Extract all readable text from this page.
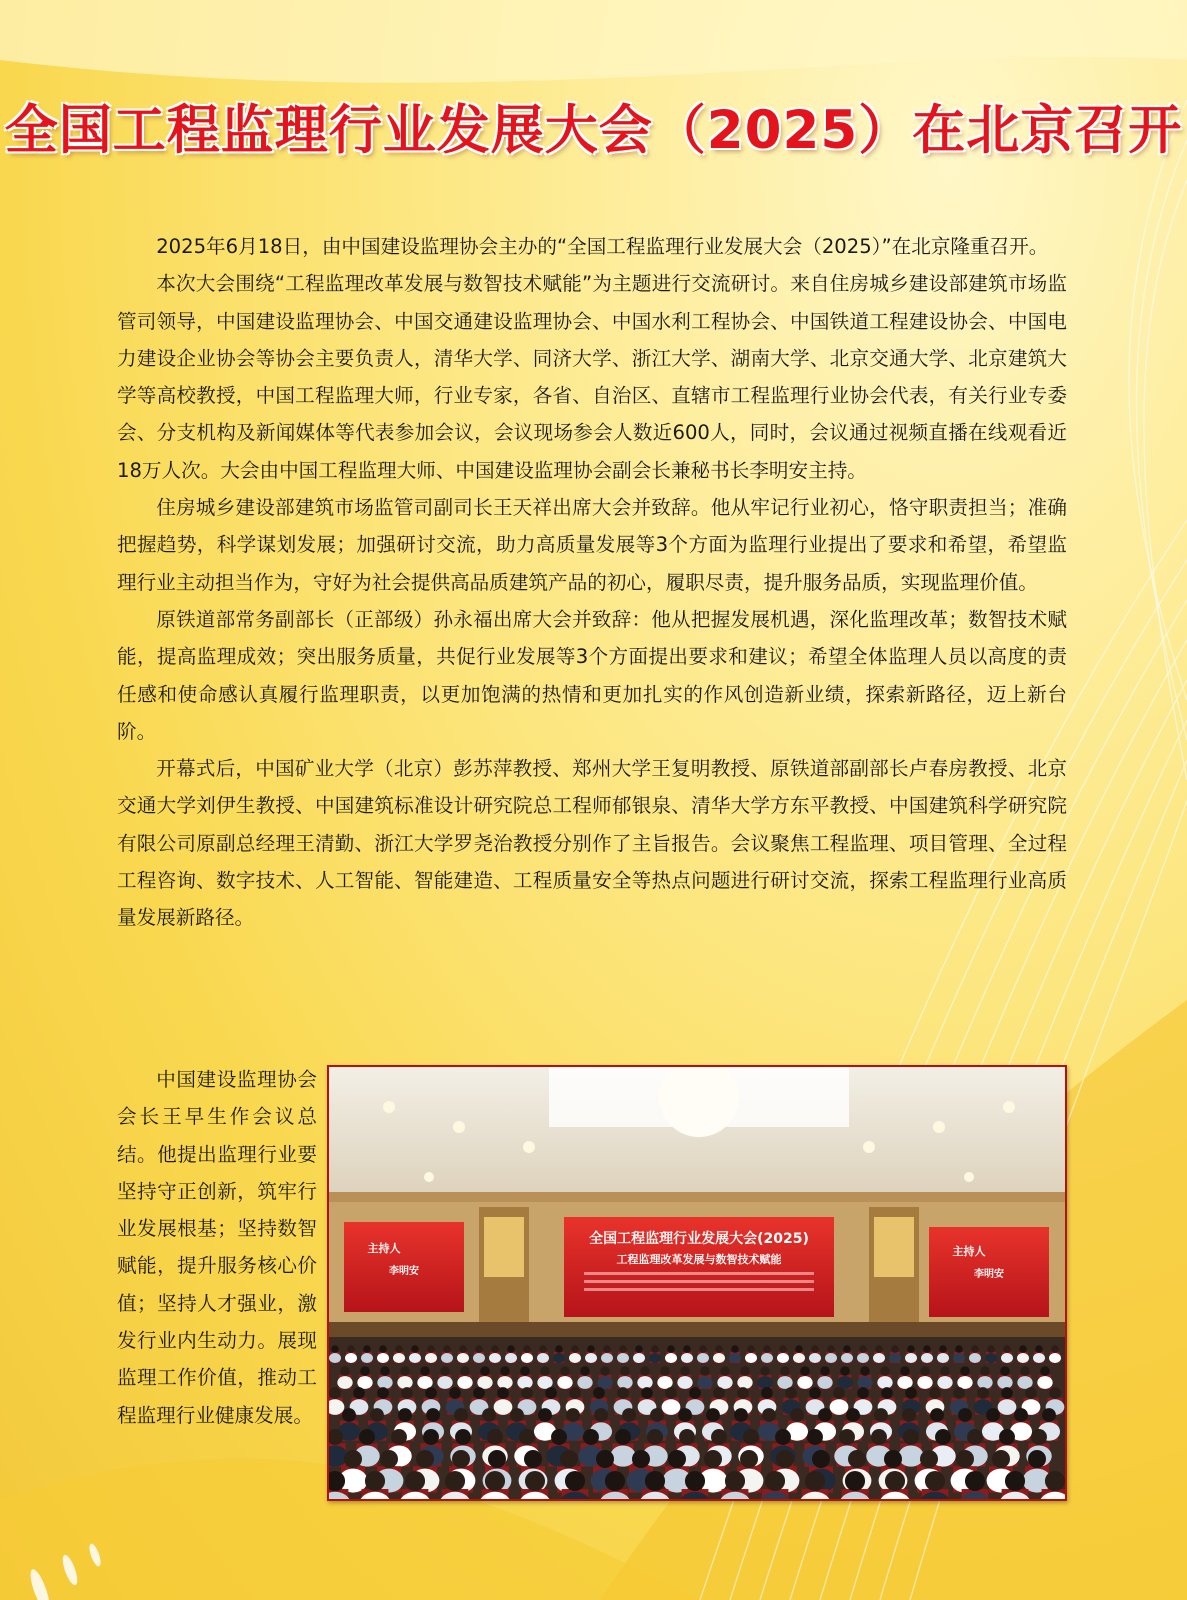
全国工程监理行业发展大会（2025）在北京召开

2025年6月18日，由中国建设监理协会主办的“全国工程监理行业发展大会（2025）”在北京隆重召开。

本次大会围绕“工程监理改革发展与数智技术赋能”为主题进行交流研讨。来自住房城乡建设部建筑市场监管司领导，中国建设监理协会、中国交通建设监理协会、中国水利工程协会、中国铁道工程建设协会、中国电力建设企业协会等协会主要负责人，清华大学、同济大学、浙江大学、湖南大学、北京交通大学、北京建筑大学等高校教授，中国工程监理大师，行业专家，各省、自治区、直辖市工程监理行业协会代表，有关行业专委会、分支机构及新闻媒体等代表参加会议，会议现场参会人数近600人，同时，会议通过视频直播在线观看近18万人次。大会由中国工程监理大师、中国建设监理协会副会长兼秘书长李明安主持。

住房城乡建设部建筑市场监管司副司长王天祥出席大会并致辞。他从牢记行业初心，恪守职责担当；准确把握趋势，科学谋划发展；加强研讨交流，助力高质量发展等3个方面为监理行业提出了要求和希望，希望监理行业主动担当作为，守好为社会提供高品质建筑产品的初心，履职尽责，提升服务品质，实现监理价值。

原铁道部常务副部长（正部级）孙永福出席大会并致辞：他从把握发展机遇，深化监理改革；数智技术赋能，提高监理成效；突出服务质量，共促行业发展等3个方面提出要求和建议；希望全体监理人员以高度的责任感和使命感认真履行监理职责，以更加饱满的热情和更加扎实的作风创造新业绩，探索新路径，迈上新台阶。

开幕式后，中国矿业大学（北京）彭苏萍教授、郑州大学王复明教授、原铁道部副部长卢春房教授、北京交通大学刘伊生教授、中国建筑标准设计研究院总工程师郁银泉、清华大学方东平教授、中国建筑科学研究院有限公司原副总经理王清勤、浙江大学罗尧治教授分别作了主旨报告。会议聚焦工程监理、项目管理、全过程工程咨询、数字技术、人工智能、智能建造、工程质量安全等热点问题进行研讨交流，探索工程监理行业高质量发展新路径。

中国建设监理协会会长王早生作会议总结。他提出监理行业要坚持守正创新，筑牢行业发展根基；坚持数智赋能，提升服务核心价值；坚持人才强业，激发行业内生动力。展现监理工作价值，推动工程监理行业健康发展。

全国工程监理行业发展大会(2025)
工程监理改革发展与数智技术赋能
主持人
李明安
主持人
李明安
